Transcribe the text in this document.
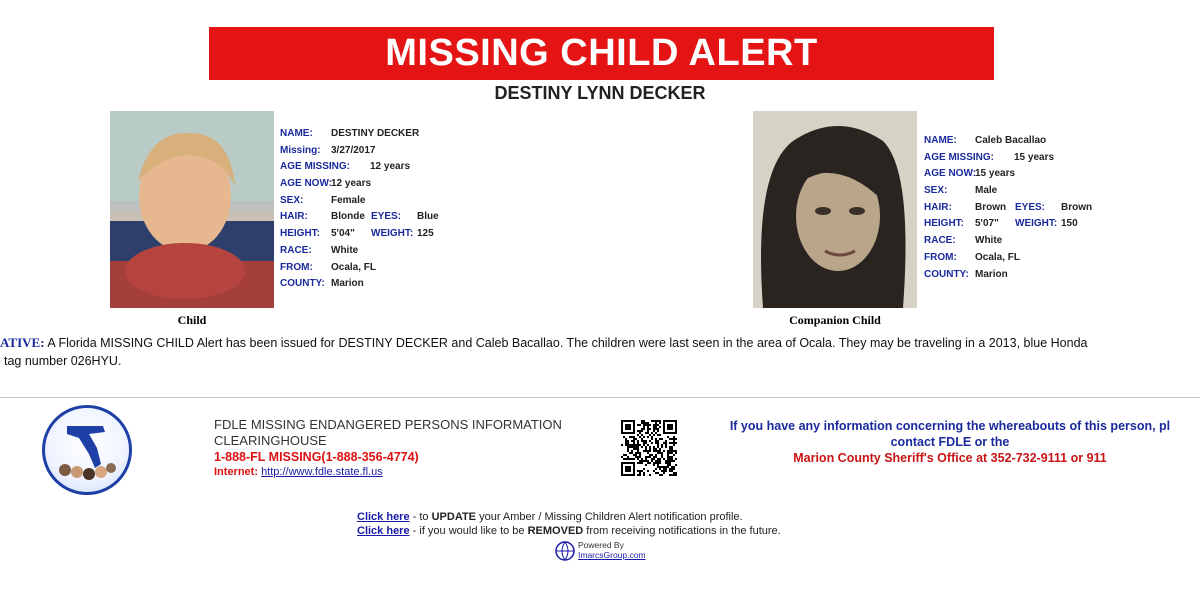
MISSING CHILD ALERT
DESTINY LYNN DECKER
Child
NAME: DESTINY DECKER
Missing: 3/27/2017
AGE MISSING: 12 years
AGE NOW:
12 years
SEX:	Female
HAIR: Blonde EYES: Blue
HEIGHT: 5'04" WEIGHT: 125
RACE: White
FROM: Ocala, FL
COUNTY: Marion
Companion Child
NAME: Caleb Bacallao
AGE MISSING: 15 years
AGE NOW:
15 years
SEX:	Male
HAIR: Brown EYES: Brown
HEIGHT: 5'07" WEIGHT: 150
RACE: White
FROM: Ocala, FL
COUNTY: Marion
ATIVE: A Florida MISSING CHILD Alert has been issued for DESTINY DECKER and Caleb Bacallao. The children were last seen in the area of Ocala. They may be traveling in a 2013, blue Honda
tag number 026HYU.
FDLE MISSING ENDANGERED PERSONS INFORMATION CLEARINGHOUSE
1-888-FL MISSING(1-888-356-4774)
Internet: http://www.fdle.state.fl.us
If you have any information concerning the whereabouts of this person, pl
contact FDLE or the
Marion County Sheriff's Office at 352-732-9111 or 911
Click here - to UPDATE your Amber / Missing Children Alert notification profile.
Click here - if you would like to be REMOVED from receiving notifications in the future.
Powered By
ImarcsGroup.com
